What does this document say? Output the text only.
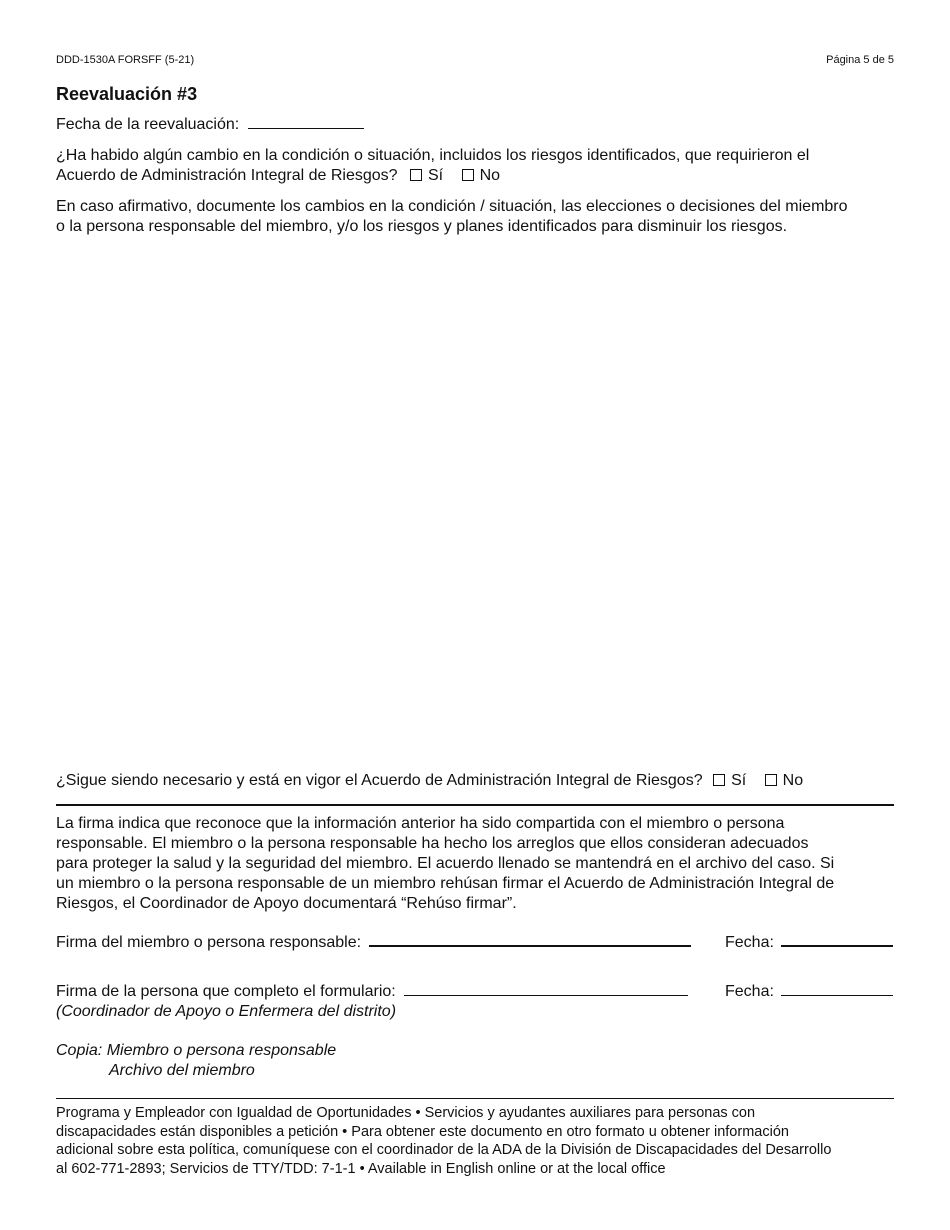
DDD-1530A FORSFF (5-21)	Página 5 de 5
Reevaluación #3
Fecha de la reevaluación:
¿Ha habido algún cambio en la condición o situación, incluidos los riesgos identificados, que requirieron el
Acuerdo de Administración Integral de Riesgos? Sí No
En caso afirmativo, documente los cambios en la condición / situación, las elecciones o decisiones del miembro
o la persona responsable del miembro, y/o los riesgos y planes identificados para disminuir los riesgos.
¿Sigue siendo necesario y está en vigor el Acuerdo de Administración Integral de Riesgos? Sí No
La firma indica que reconoce que la información anterior ha sido compartida con el miembro o persona
responsable. El miembro o la persona responsable ha hecho los arreglos que ellos consideran adecuados
para proteger la salud y la seguridad del miembro. El acuerdo llenado se mantendrá en el archivo del caso. Si
un miembro o la persona responsable de un miembro rehúsan firmar el Acuerdo de Administración Integral de
Riesgos, el Coordinador de Apoyo documentará “Rehúso firmar”.
Firma del miembro o persona responsable:	Fecha:
Firma de la persona que completo el formulario:	Fecha:
(Coordinador de Apoyo o Enfermera del distrito)
Copia: Miembro o persona responsable
Archivo del miembro
Programa y Empleador con Igualdad de Oportunidades • Servicios y ayudantes auxiliares para personas con
discapacidades están disponibles a petición • Para obtener este documento en otro formato u obtener información
adicional sobre esta política, comuníquese con el coordinador de la ADA de la División de Discapacidades del Desarrollo
al 602-771-2893; Servicios de TTY/TDD: 7-1-1 • Available in English online or at the local office
